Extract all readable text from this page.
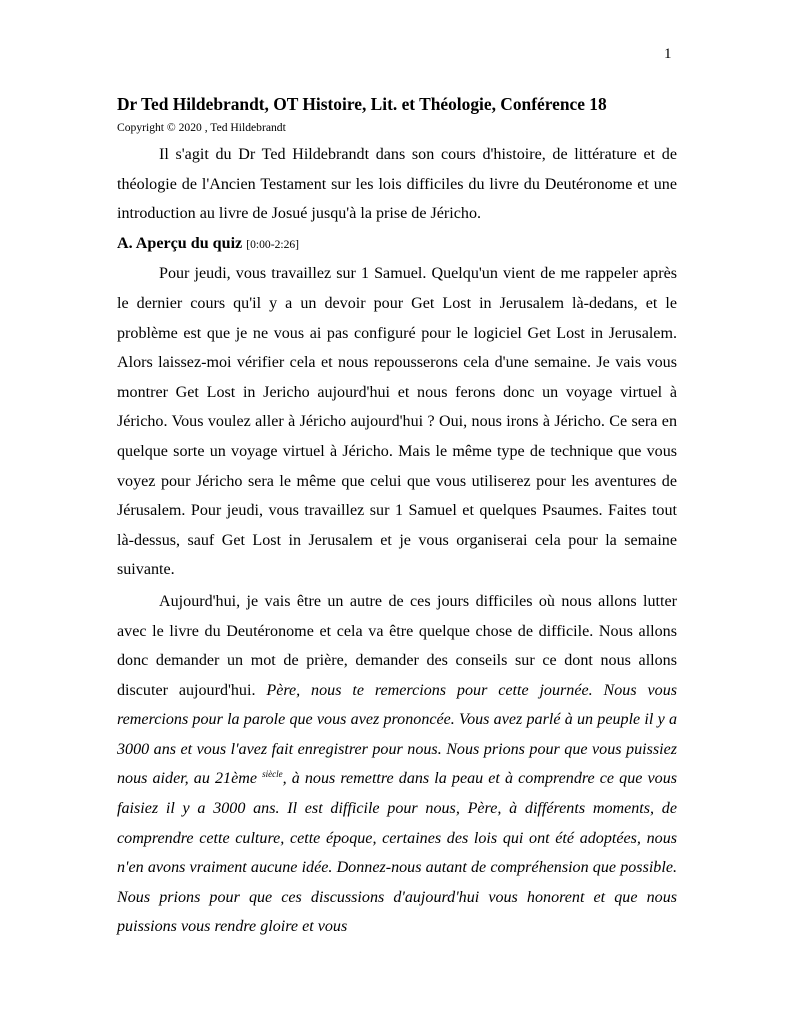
1
Dr Ted Hildebrandt, OT Histoire, Lit. et Théologie, Conférence 18
Copyright © 2020 , Ted Hildebrandt

Il s'agit du Dr Ted Hildebrandt dans son cours d'histoire, de littérature et de théologie de l'Ancien Testament sur les lois difficiles du livre du Deutéronome et une introduction au livre de Josué jusqu'à la prise de Jéricho.

A. Aperçu du quiz [0:00-2:26]

Pour jeudi, vous travaillez sur 1 Samuel. Quelqu'un vient de me rappeler après le dernier cours qu'il y a un devoir pour Get Lost in Jerusalem là-dedans, et le problème est que je ne vous ai pas configuré pour le logiciel Get Lost in Jerusalem. Alors laissez-moi vérifier cela et nous repousserons cela d'une semaine. Je vais vous montrer Get Lost in Jericho aujourd'hui et nous ferons donc un voyage virtuel à Jéricho. Vous voulez aller à Jéricho aujourd'hui ? Oui, nous irons à Jéricho. Ce sera en quelque sorte un voyage virtuel à Jéricho. Mais le même type de technique que vous voyez pour Jéricho sera le même que celui que vous utiliserez pour les aventures de Jérusalem. Pour jeudi, vous travaillez sur 1 Samuel et quelques Psaumes. Faites tout là-dessus, sauf Get Lost in Jerusalem et je vous organiserai cela pour la semaine suivante.

Aujourd'hui, je vais être un autre de ces jours difficiles où nous allons lutter avec le livre du Deutéronome et cela va être quelque chose de difficile. Nous allons donc demander un mot de prière, demander des conseils sur ce dont nous allons discuter aujourd'hui. Père, nous te remercions pour cette journée. Nous vous remercions pour la parole que vous avez prononcée. Vous avez parlé à un peuple il y a 3000 ans et vous l'avez fait enregistrer pour nous. Nous prions pour que vous puissiez nous aider, au 21ème $^{siècle}$, à nous remettre dans la peau et à comprendre ce que vous faisiez il y a 3000 ans. Il est difficile pour nous, Père, à différents moments, de comprendre cette culture, cette époque, certaines des lois qui ont été adoptées, nous n'en avons vraiment aucune idée. Donnez-nous autant de compréhension que possible. Nous prions pour que ces discussions d'aujourd'hui vous honorent et que nous puissions vous rendre gloire et vous
